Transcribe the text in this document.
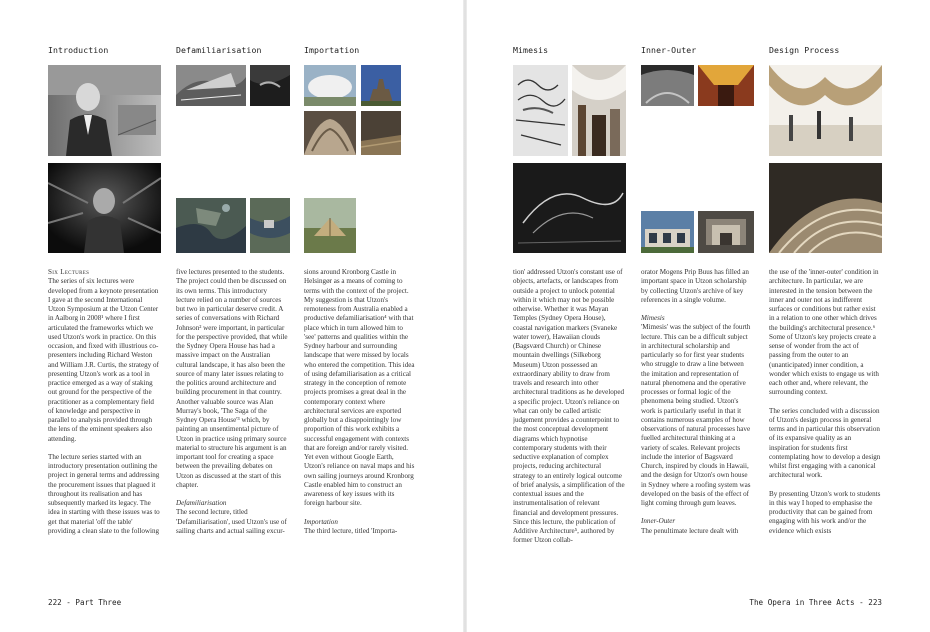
Introduction	Defamiliarisation	Importation	Mimesis	Inner-Outer	Design Process

Six Lectures
The series of six lectures were developed from a keynote presentation I gave at the second International Utzon Symposium at the Utzon Center in Aalborg in 2008¹ where I first articulated the frameworks which we used Utzon's work in practice. On this occasion, and fixed with illustrious co-presenters including Richard Weston and William J.R. Curtis, the strategy of presenting Utzon's work as a tool in practice emerged as a way of staking out ground for the perspective of the practitioner as a complementary field of knowledge and perspective in parallel to analysis provided through the lens of the eminent speakers also attending.

The lecture series started with an introductory presentation outlining the project in general terms and addressing the procurement issues that plagued it throughout its realisation and has subsequently marked its legacy. The idea in starting with these issues was to get that material 'off the table' providing a clean slate to the following

five lectures presented to the students. The project could then be discussed on its own terms. This introductory lecture relied on a number of sources but two in particular deserve credit. A series of conversations with Richard Johnson² were important, in particular for the perspective provided, that while the Sydney Opera House has had a massive impact on the Australian cultural landscape, it has also been the source of many later issues relating to the politics around architecture and building procurement in that country. Another valuable source was Alan Murray's book, 'The Saga of the Sydney Opera House'³ which, by painting an unsentimental picture of Utzon in practice using primary source material to structure his argument is an important tool for creating a space between the prevailing debates on Utzon as discussed at the start of this chapter.

Defamiliarisation
The second lecture, titled 'Defamiliarisation', used Utzon's use of sailing charts and actual sailing excur-

sions around Kronborg Castle in Helsingør as a means of coming to terms with the context of the project. My suggestion is that Utzon's remoteness from Australia enabled a productive defamiliarisation⁴ with that place which in turn allowed him to 'see' patterns and qualities within the Sydney harbour and surrounding landscape that were missed by locals who entered the competition. This idea of using defamiliarisation as a critical strategy in the conception of remote projects promises a great deal in the contemporary context where architectural services are exported globally but a disappointingly low proportion of this work exhibits a successful engagement with contexts that are foreign and/or rarely visited. Yet even without Google Earth, Utzon's reliance on naval maps and his own sailing journeys around Kronborg Castle enabled him to construct an awareness of key issues with its foreign harbour site.

Importation
The third lecture, titled 'Importa-

tion' addressed Utzon's constant use of objects, artefacts, or landscapes from outside a project to unlock potential within it which may not be possible otherwise. Whether it was Mayan Temples (Sydney Opera House), coastal navigation markers (Svaneke water tower), Hawaiian clouds (Bagsværd Church) or Chinese mountain dwellings (Silkeborg Museum) Utzon possessed an extraordinary ability to draw from travels and research into other architectural traditions as he developed a specific project. Utzon's reliance on what can only be called artistic judgement provides a counterpoint to the most conceptual development diagrams which hypnotise contemporary students with their seductive explanation of complex projects, reducing architectural strategy to an entirely logical outcome of brief analysis, a simplification of the contextual issues and the instrumentalisation of relevant financial and development pressures. Since this lecture, the publication of Additive Architecture⁵, authored by former Utzon collab-

orator Mogens Prip Buus has filled an important space in Utzon scholarship by collecting Utzon's archive of key references in a single volume.

Mimesis
'Mimesis' was the subject of the fourth lecture. This can be a difficult subject in architectural scholarship and particularly so for first year students who struggle to draw a line between the imitation and representation of natural phenomena and the operative processes or formal logic of the phenomena being studied. Utzon's work is particularly useful in that it contains numerous examples of how observations of natural processes have fuelled architectural thinking at a variety of scales. Relevant projects include the interior of Bagsværd Church, inspired by clouds in Hawaii, and the design for Utzon's own house in Sydney where a roofing system was developed on the basis of the effect of light coming through gum leaves.

Inner-Outer
The penultimate lecture dealt with

the use of the 'inner-outer' condition in architecture. In particular, we are interested in the tension between the inner and outer not as indifferent surfaces or conditions but rather exist in a relation to one other which drives the building's architectural presence.⁶ Some of Utzon's key projects create a sense of wonder from the act of passing from the outer to an (unanticipated) inner condition, a wonder which exists to engage us with each other and, where relevant, the surrounding context.

The series concluded with a discussion of Utzon's design process in general terms and in particular this observation of its expansive quality as an inspiration for students first contemplating how to develop a design whilst first engaging with a canonical architectural work.

By presenting Utzon's work to students in this way I hoped to emphasise the productivity that can be gained from engaging with his work and/or the evidence which exists

222 - Part Three	The Opera in Three Acts - 223
